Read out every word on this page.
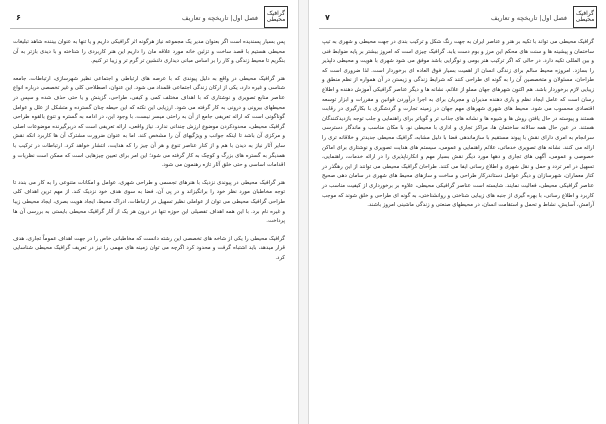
۶	فصل اول| تاریخچه و تعاریف
گرافیک محیطی

پس بسیار پسندیده است اگر بعنوان مدیر یک مجموعه نیاز هرگونه اثر گرافیکی داریم و یا تنها به عنوان بیننده شاهد تبلیغات محیطی هستیم با قصد ساخت و تزئین خانه مورد علاقه مان را داریم این هنر کاربردی را شناخته و با دیدی بازتر به آن بنگریم تا محیط زندگی و کار را بر اساس مبانی دیداری دلنشین تر گرم تر و زیبا تر کنیم.

هنر گرافیک محیطی در واقع به دلیل پیوندی که با عرصه های ارتباطی و اجتماعی نظیر شهرسازی، ارتباطات، جامعه شناسی و غیره دارد، یکی از ارکان زندگی اجتماعی قلمداد می شود. این عنوان، اصطلاحی کلی و غیر تخصصی درباره انواع عناصر منابع تصویری و نوشتاری که با اهداف مختلف کمی و کیفی، طراحی، گزینش و یا حتی حذف شده و سپس در محیطهای بیرونی و درونی به کار گرفته می شود. ارزیابی این نکته که این حیطه چنان گسترده و متشکل از علل و عوامل گوناگونی است که ارائه تعریفی جامع از آن به راحتی میسر نیست، با وجود این، در ادامه به گستره و تنوع بالقوه طراحی گرافیک محیطی، محدودکردن موضوع ارزش چندانی ندارد. نیاز واقعی، ارائه تعریفی است که دربرگیرنده موضوعات اصلی و مرکزی آن باشد تا اینکه جوانب و ویژگیهای آن را مشخص کند. اما به عنوان ضرورت مشترک آن ها کاربرد انکه نقش سایر آثار نیاز به دیدن با هم و از کنار عناصر تنوع و هر آن چیز را که هدایت، انتشار خواهد کرد. ارتباطات در ترکیب با همدیگر به گستره های بزرگ و کوچک به کار گرفته می شود؛ این امر برای تعیین چیزهایی است که ممکن است نظریات و اقدامات اساسی و حتی خلق آثار تازه رهنمون می شود.

هنر گرافیک محیطی در پیوندی نزدیک با هنرهای تجسمی و طراحی شهری، عوامل و امکانات متنوعی را به کار می بندد تا توجه مخاطبان مورد نظر خود را برانگیزاند و در پی آن، فضا به سوی هدف خود نزدیک کند. از مهم ترین اهداف کلی طراحی گرافیک محیطی می توان از عواملی نظیر تسهیل در ارتباطات، ادراک محیط، ایجاد هویت بصری، ایجاد محیطی زیبا و غیره نام برد. با این همه اهداف تفصیلی این حوزه تنها در درون هر یک از آثار گرافیک محیطی بایستی به بررسی آن ها پرداخت.

گرافیک محیطی را یکی از شاخه های تخصصی این رشته دانست که مخاطبانی خاص را در جهت اهداف عموماً تجاری، هدف قرار میدهد، باید اشتباه گرفت و محدود کرد اگرچه می توان زمینه های مهمی را نیز در تعریف گرافیک محیطی شناسایی کرد.

۷	فصل اول| تاریخچه و تعاریف
گرافیک محیطی

گرافیک محیطی می تواند با تکیه بر هنر و عناصر ایران به جهت رنگ شکل و ترکیب بندی در جهت محیطی و شهری به تیپ ساختمان و پیشینه ها و سنت های محکم این مرز و بوم دست یابد. گرافیک چیزی است که امروز بیشتر بر پایه ضوابط فنی و بین المللی تکیه دارد. در حالی که اگر ترکیب هنر بومی و نوگرایی باشد موفق می شود شهری با هویت و محیطی دلپذیر را بسازد. امروزه محیط سالم برای زندگی انسان از اهمیت بسیار فوق العاده ای برخوردار است. لذا ضروری است که طراحان، مسئولان و متخصصین آن را به گونه ای طراحی کنند که شرایط زندگی و زیستن در آن همواره از نظم منطق و زیبایی لازم برخوردار باشد. هم اکنون شهرهای جهان مملو از علائم، نشانه ها و دیگر عناصر گرافیکی آموزش دهنده و اطلاع رسان است که عامل ایجاد نظم و یاری دهنده مدیران و مجریان برای به اجرا درآوردن قوانین و مقررات و ابزار توسعه اقتصادی محسوب می شود. محیط های شهری شهرهای مهم جهان در زمینه تجارت و گردشگری با بکارگیری در رقابت هستند و پیوسته در حال یافتن روش ها و شیوه ها و نشانه های جذاب تر و گویاتر برای راهنمایی و جلب توجه بازدیدکنندگان هستند. در عین حال همه سالانه ساختمان ها، مراکز تجاری و اداری با محیطی نو، با مکان مناسب و ماندگار دسترسی سرانجام به امری دارای نقش با پیوند مستقیم با سازماندهی فضا با دلیل مشابه، گرافیک محیطی جدیدتر و خلاقانه تری را ارائه می کنند. نشانه های تصویری خدماتی، علائم راهنمایی و عمومی، سیستم های هدایت تصویری و نوشتاری برای اماکن خصوصی و عمومی، آگهی های تجاری و دهها مورد دیگر نقش بسیار مهم و انکارناپذیری را در ارائه خدمات، راهنمایی، تسهیل در امر تردد و حمل و نقل شهری و اطلاع رسانی ایفا می کنند. طراحان گرافیک محیطی می توانند از این رهگذر در کنار معماران، شهرسازان و دیگر عوامل دستاندرکار طراحی و ساخت و سازهای محیط های شهری در سامان دهی صحیح عناصر گرافیکی محیطی، فعالیت نمایند. شایسته است عناصر گرافیکی محیطی، علاوه بر برخورداری از کیفیت مناسب در کاربرد و اطلاع رسانی، با بهره گیری از جنبه های زیبایی شناختی و روانشناختی، به گونه ای طراحی و خلق شوند که موجب آرامش، آسایش، نشاط و تحمل و استقامت انسان، در محیطهای صنعتی و زندگی ماشینی امروز باشند.
